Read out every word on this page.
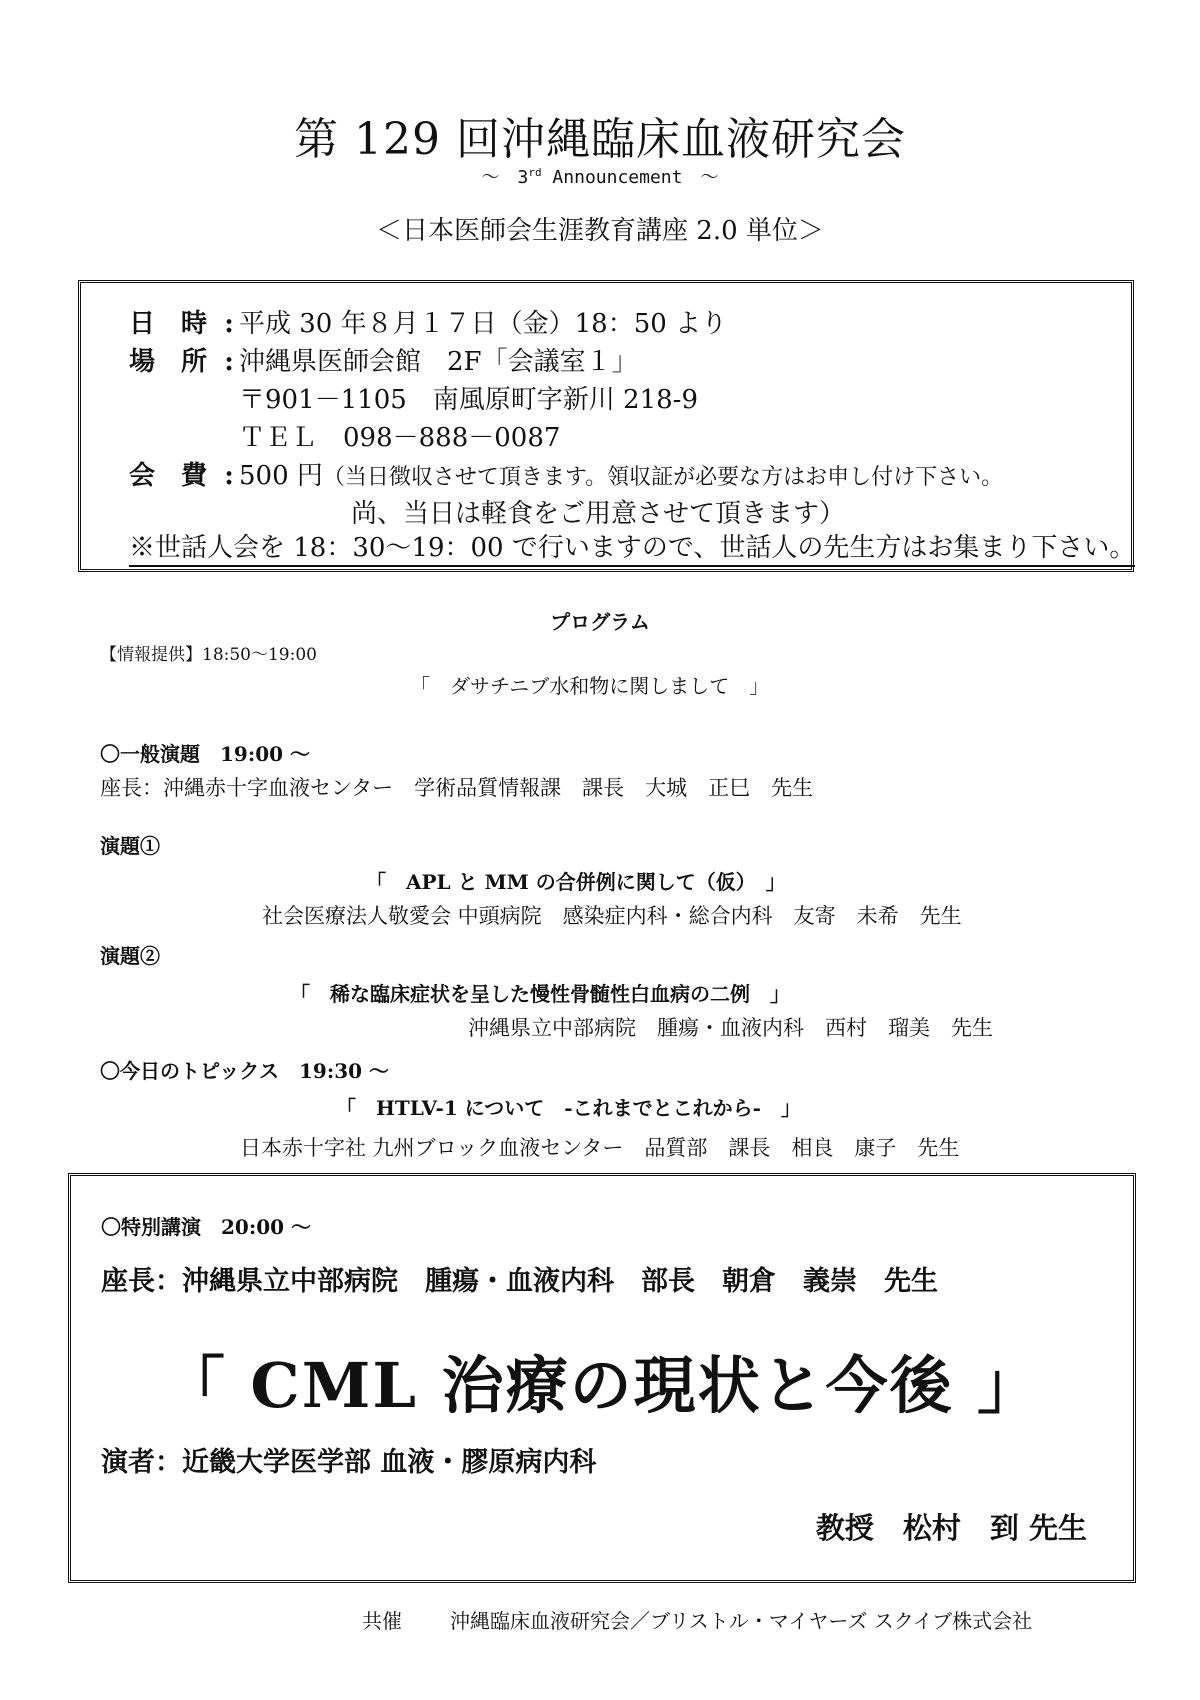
第 129 回沖縄臨床血液研究会
〜　3rd Announcement　〜
＜日本医師会生涯教育講座 2.0 単位＞
日　時 : 平成 30 年８月１７日（金）18：50 より
場　所 : 沖縄県医師会館　2F「会議室１」
〒901－1105　南風原町字新川 218-9
ＴＥＬ　098－888－0087
会　費 : 500 円（当日徴収させて頂きます。領収証が必要な方はお申し付け下さい。
尚、当日は軽食をご用意させて頂きます）
※世話人会を 18：30〜19：00 で行いますので、世話人の先生方はお集まり下さい。
プログラム
【情報提供】18:50〜19:00
「　ダサチニブ水和物に関しまして　」
〇一般演題　19:00 〜
座長：沖縄赤十字血液センター　学術品質情報課　課長　大城　正巳　先生
演題①
「　APL と MM の合併例に関して（仮）　」
社会医療法人敬愛会 中頭病院　感染症内科・総合内科　友寄　未希　先生
演題②
「　稀な臨床症状を呈した慢性骨髄性白血病の二例　」
沖縄県立中部病院　腫瘍・血液内科　西村　瑠美　先生
〇今日のトピックス　19:30 〜
「　HTLV-1 について　-これまでとこれから-　」
日本赤十字社 九州ブロック血液センター　品質部　課長　相良　康子　先生
〇特別講演　20:00 〜
座長：沖縄県立中部病院　腫瘍・血液内科　部長　朝倉　義崇　先生
「 CML 治療の現状と今後 」
演者：近畿大学医学部 血液・膠原病内科
教授　松村　到 先生
共催 沖縄臨床血液研究会／ブリストル・マイヤーズ スクイブ株式会社
